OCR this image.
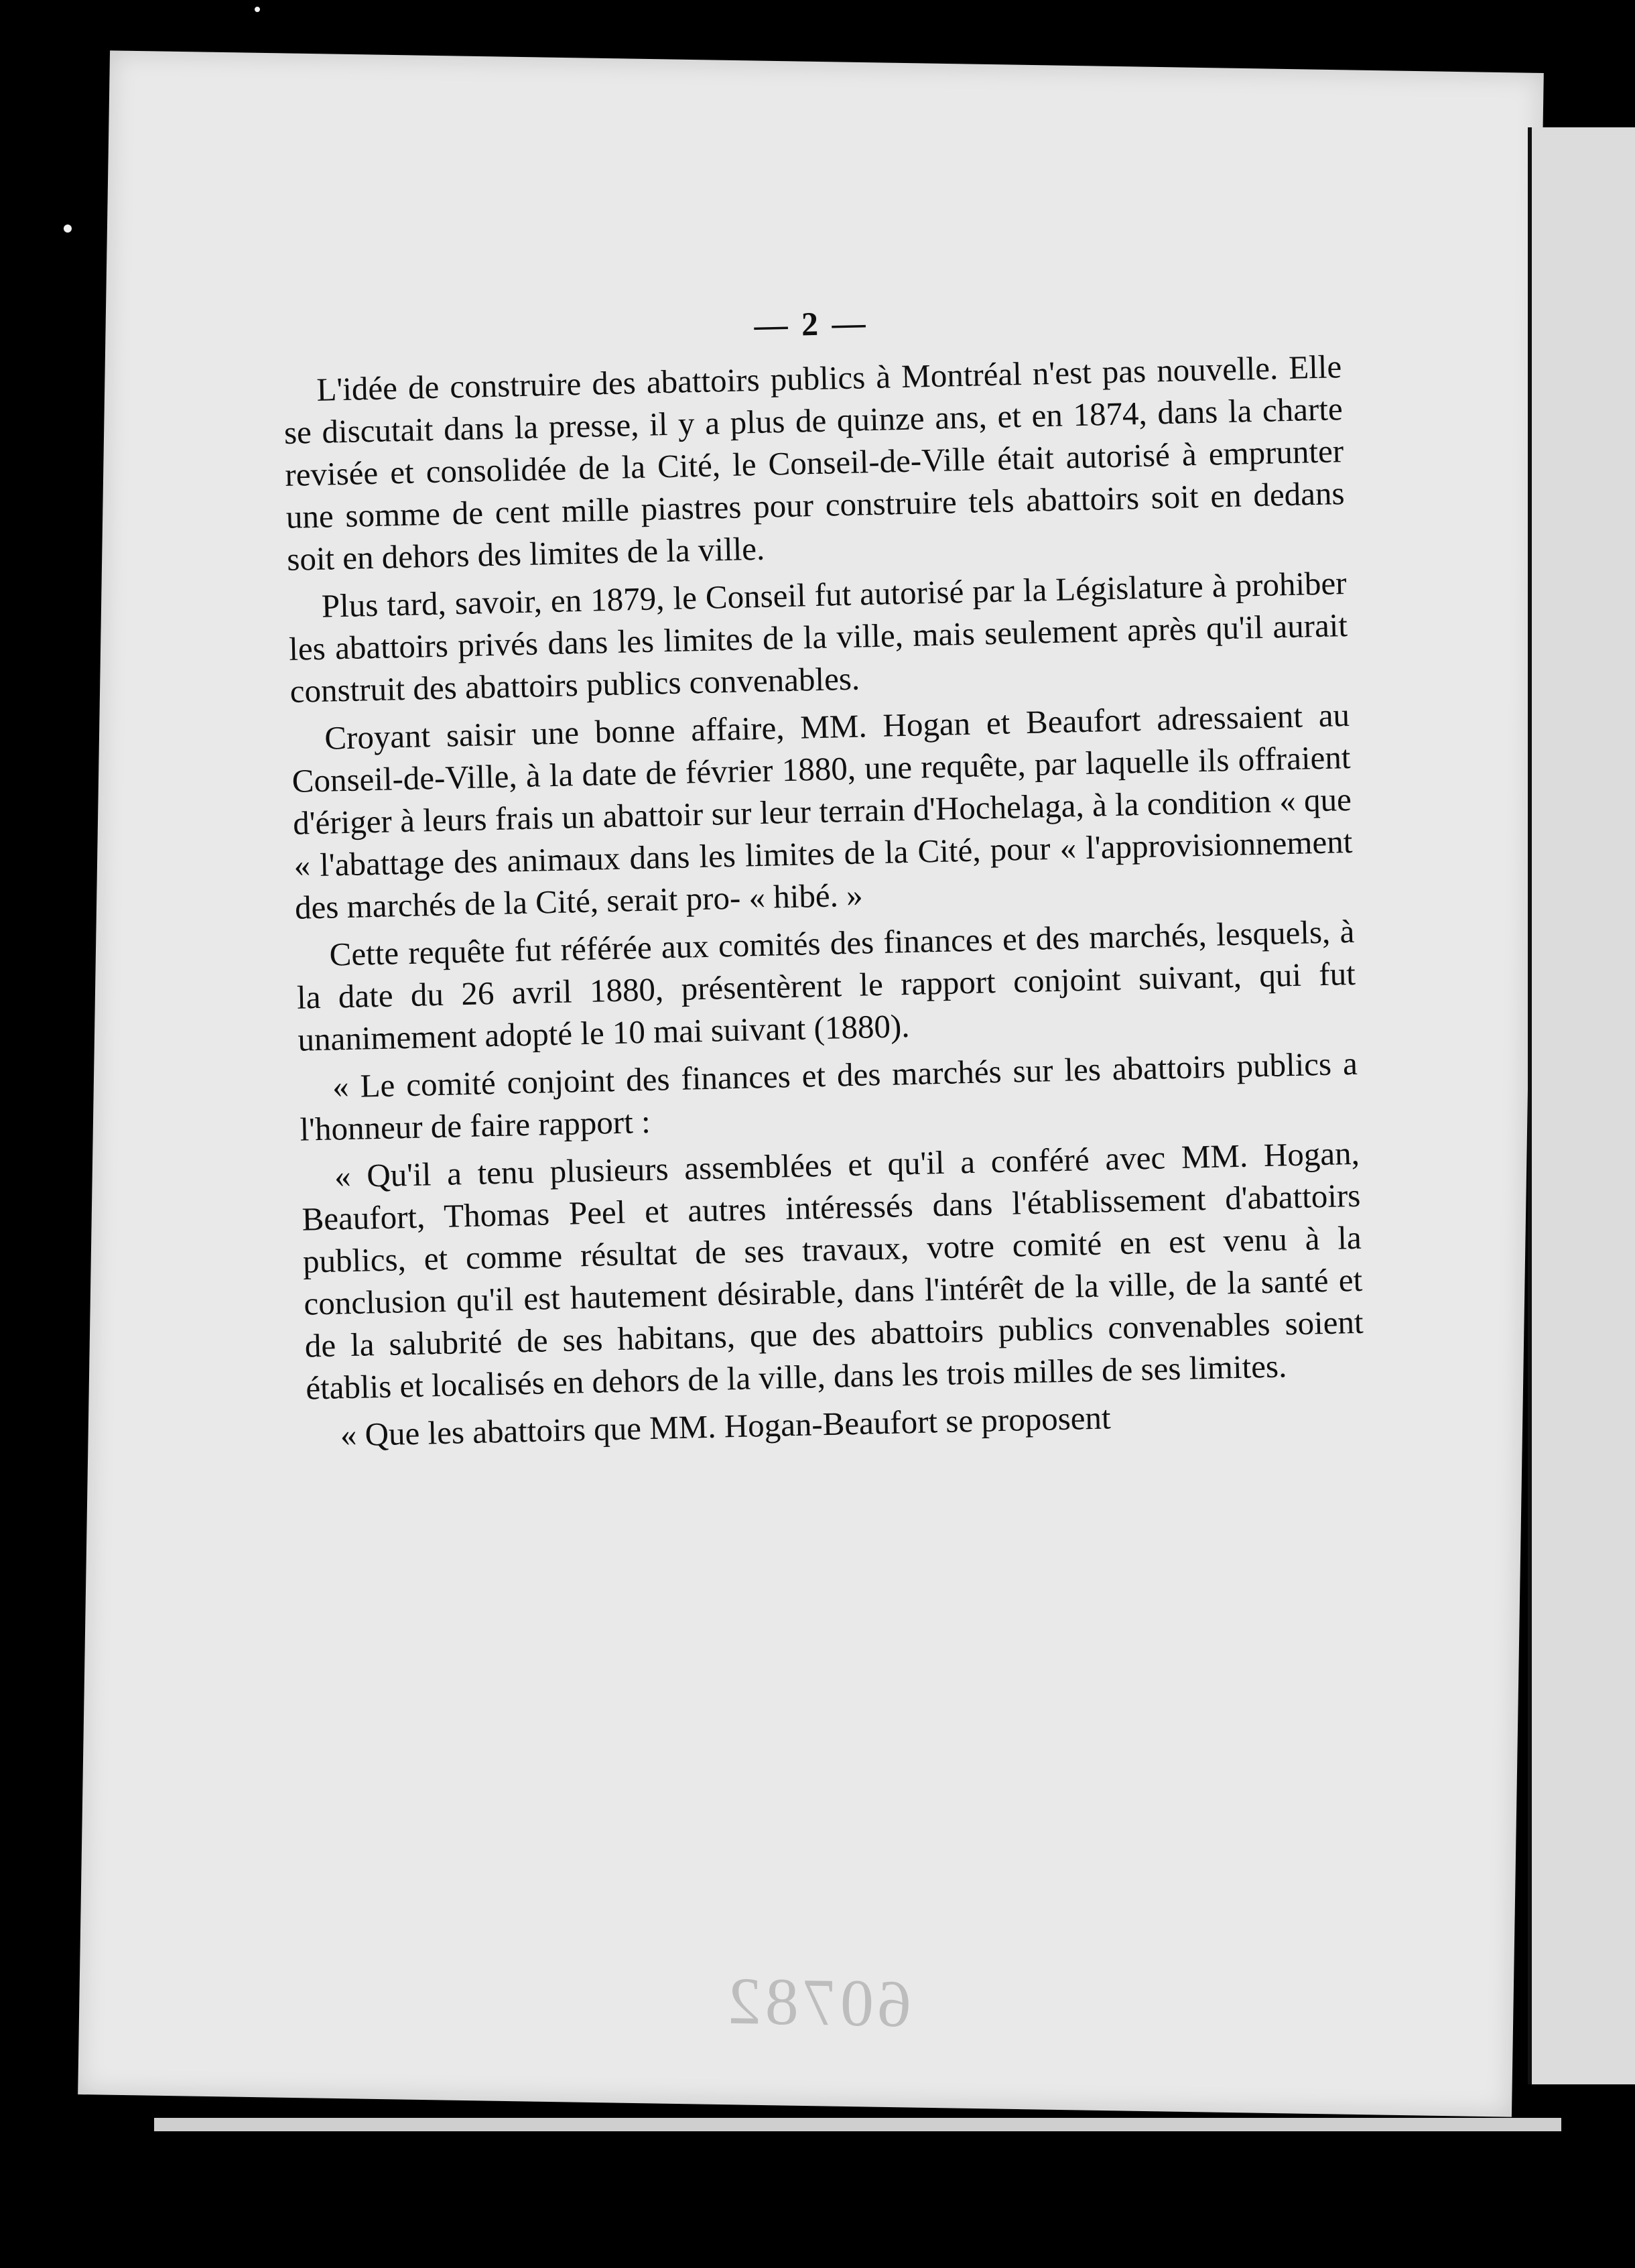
— 2 —

L'idée de construire des abattoirs publics à Montréal n'est pas nouvelle. Elle se discutait dans la presse, il y a plus de quinze ans, et en 1874, dans la charte revisée et consolidée de la Cité, le Conseil-de-Ville était autorisé à emprunter une somme de cent mille piastres pour construire tels abattoirs soit en dedans soit en dehors des limites de la ville.

Plus tard, savoir, en 1879, le Conseil fut autorisé par la Législature à prohiber les abattoirs privés dans les limites de la ville, mais seulement après qu'il aurait construit des abattoirs publics convenables.

Croyant saisir une bonne affaire, MM. Hogan et Beaufort adressaient au Conseil-de-Ville, à la date de février 1880, une requête, par laquelle ils offraient d'ériger à leurs frais un abattoir sur leur terrain d'Hochelaga, à la condition « que « l'abattage des animaux dans les limites de la Cité, pour « l'approvisionnement des marchés de la Cité, serait pro- « hibé. »

Cette requête fut référée aux comités des finances et des marchés, lesquels, à la date du 26 avril 1880, présentèrent le rapport conjoint suivant, qui fut unanimement adopté le 10 mai suivant (1880).

« Le comité conjoint des finances et des marchés sur les abattoirs publics a l'honneur de faire rapport :

« Qu'il a tenu plusieurs assemblées et qu'il a conféré avec MM. Hogan, Beaufort, Thomas Peel et autres intéressés dans l'établissement d'abattoirs publics, et comme résultat de ses travaux, votre comité en est venu à la conclusion qu'il est hautement désirable, dans l'intérêt de la ville, de la santé et de la salubrité de ses habitans, que des abattoirs publics convenables soient établis et localisés en dehors de la ville, dans les trois milles de ses limites.

« Que les abattoirs que MM. Hogan-Beaufort se proposent

60782
